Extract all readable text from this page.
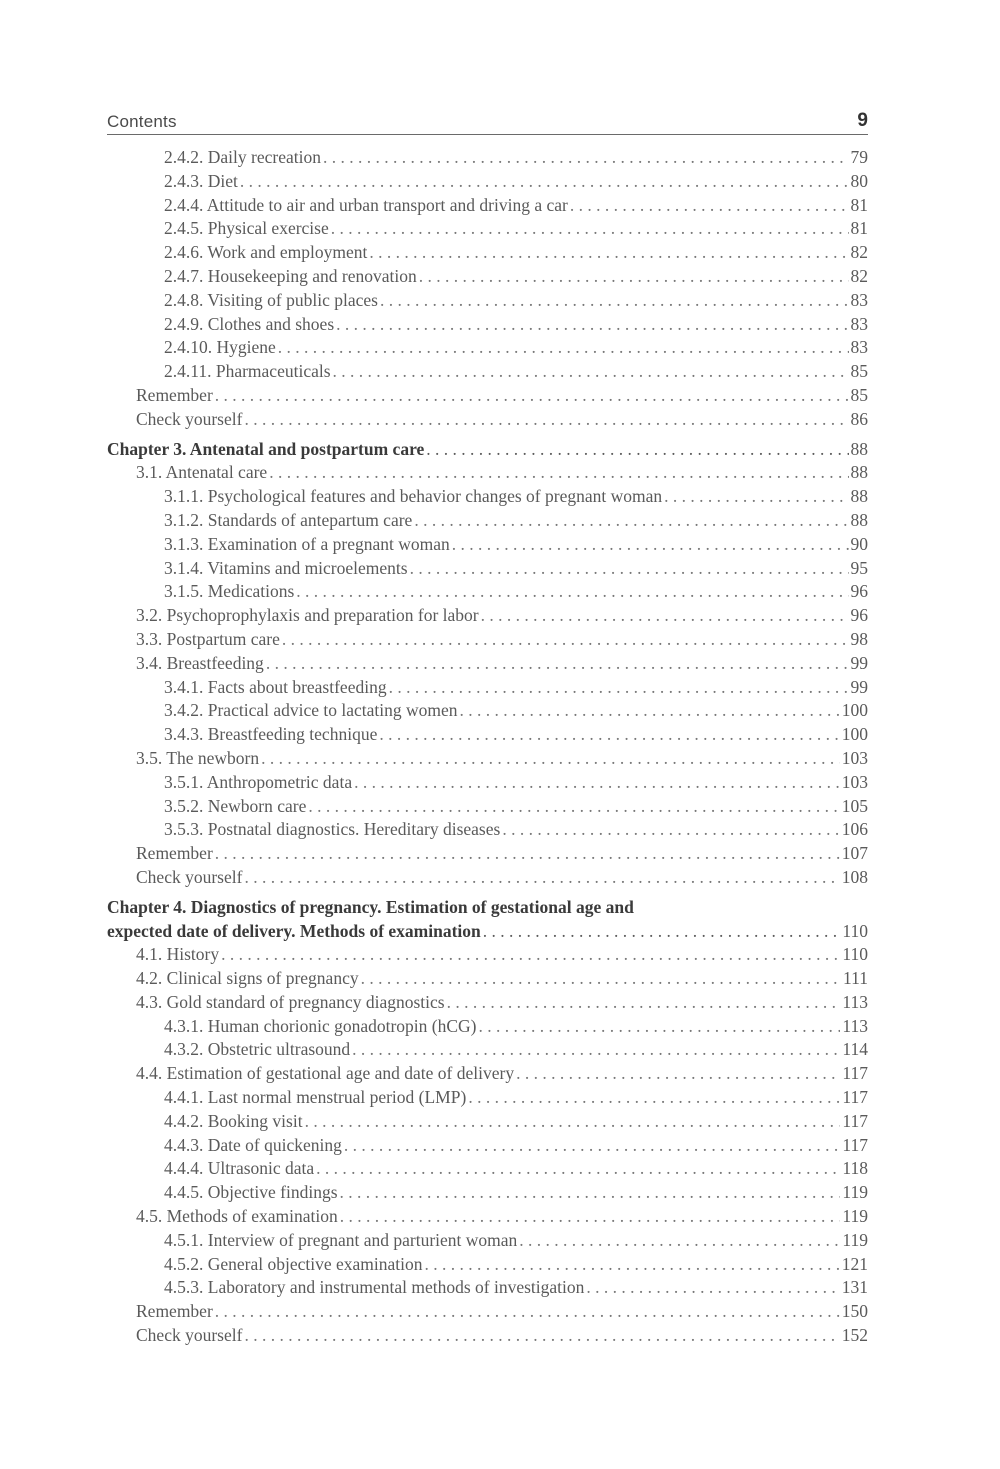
Contents	9
2.4.2. Daily recreation . . .	79
2.4.3. Diet . . .	80
2.4.4. Attitude to air and urban transport and driving a car . . .	81
2.4.5. Physical exercise . . .	81
2.4.6. Work and employment . . .	82
2.4.7. Housekeeping and renovation . . .	82
2.4.8. Visiting of public places . . .	83
2.4.9. Clothes and shoes . . .	83
2.4.10. Hygiene . . .	83
2.4.11. Pharmaceuticals . . .	85
Remember . . .	85
Check yourself . . .	86
Chapter 3. Antenatal and postpartum care . . .	88
3.1. Antenatal care . . .	88
3.1.1. Psychological features and behavior changes of pregnant woman . . .	88
3.1.2. Standards of antepartum care . . .	88
3.1.3. Examination of a pregnant woman . . .	90
3.1.4. Vitamins and microelements . . .	95
3.1.5. Medications . . .	96
3.2. Psychoprophylaxis and preparation for labor . . .	96
3.3. Postpartum care . . .	98
3.4. Breastfeeding . . .	99
3.4.1. Facts about breastfeeding . . .	99
3.4.2. Practical advice to lactating women . . .	100
3.4.3. Breastfeeding technique . . .	100
3.5. The newborn . . .	103
3.5.1. Anthropometric data . . .	103
3.5.2. Newborn care . . .	105
3.5.3. Postnatal diagnostics. Hereditary diseases . . .	106
Remember . . .	107
Check yourself . . .	108
Chapter 4. Diagnostics of pregnancy. Estimation of gestational age and
expected date of delivery. Methods of examination . . .	110
4.1. History . . .	110
4.2. Clinical signs of pregnancy . . .	111
4.3. Gold standard of pregnancy diagnostics . . .	113
4.3.1. Human chorionic gonadotropin (hCG) . . .	113
4.3.2. Obstetric ultrasound . . .	114
4.4. Estimation of gestational age and date of delivery . . .	117
4.4.1. Last normal menstrual period (LMP) . . .	117
4.4.2. Booking visit . . .	117
4.4.3. Date of quickening . . .	117
4.4.4. Ultrasonic data . . .	118
4.4.5. Objective findings . . .	119
4.5. Methods of examination . . .	119
4.5.1. Interview of pregnant and parturient woman . . .	119
4.5.2. General objective examination . . .	121
4.5.3. Laboratory and instrumental methods of investigation . . .	131
Remember . . .	150
Check yourself . . .	152
